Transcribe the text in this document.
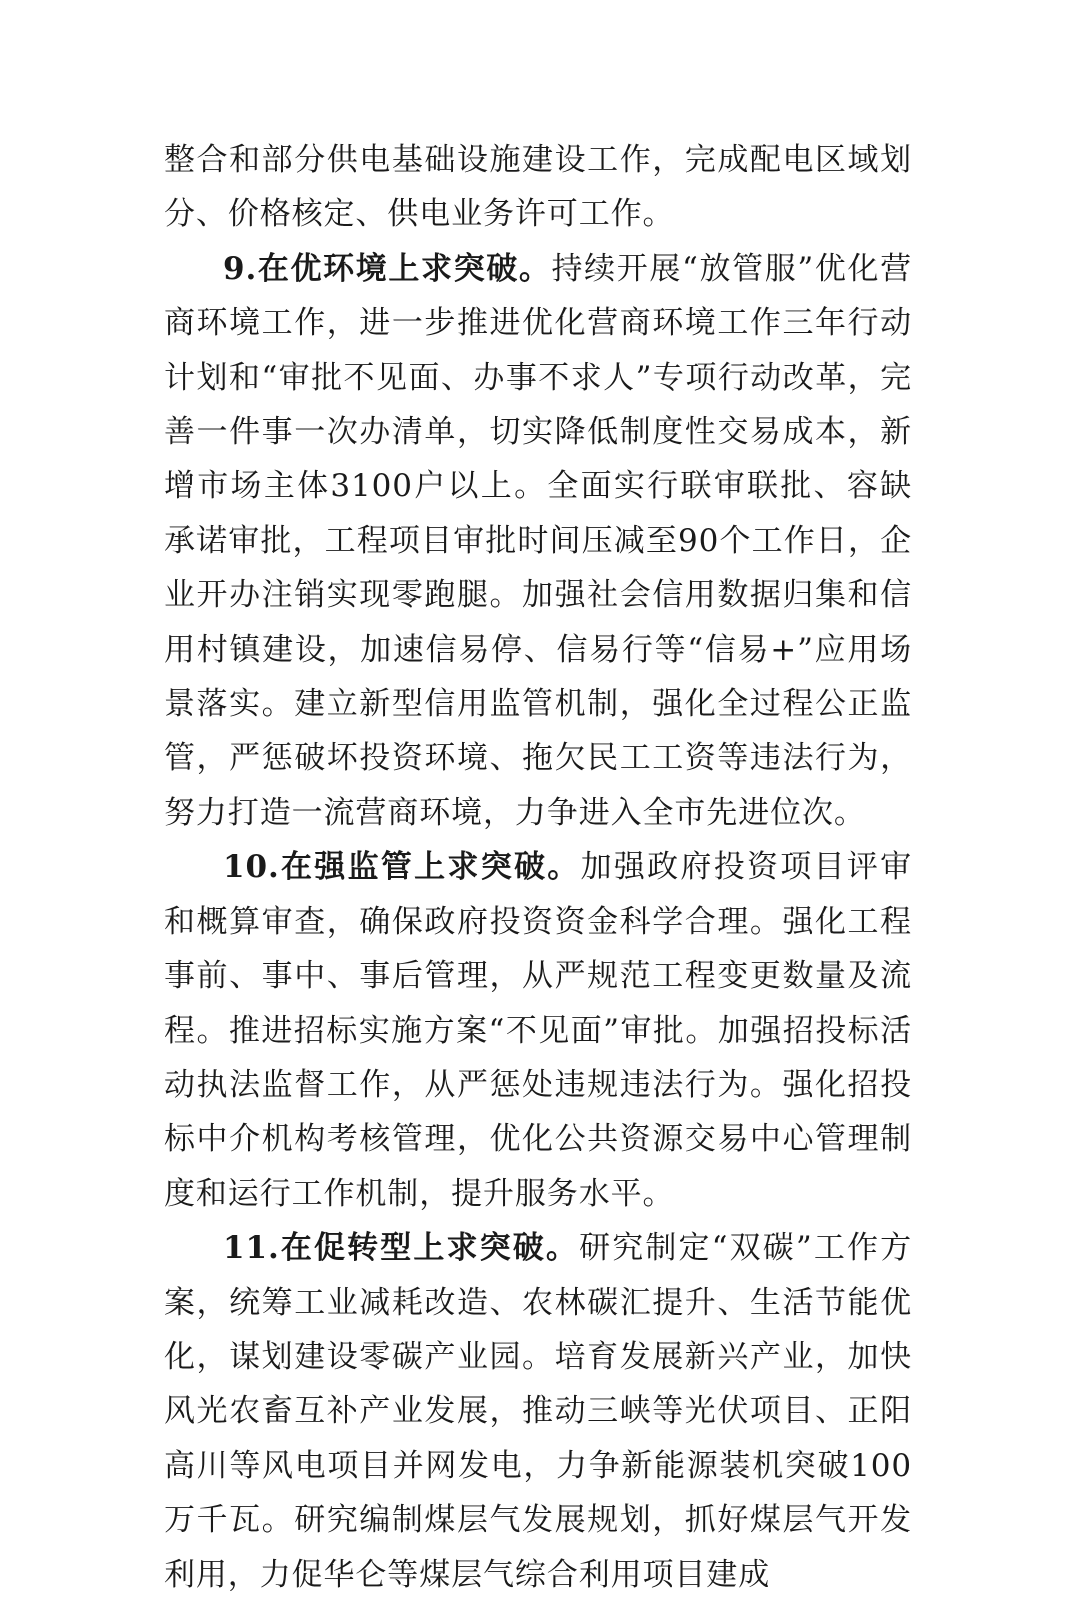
整合和部分供电基础设施建设工作，完成配电区域划分、价格核定、供电业务许可工作。

9.在优环境上求突破。持续开展“放管服”优化营商环境工作，进一步推进优化营商环境工作三年行动计划和“审批不见面、办事不求人”专项行动改革，完善一件事一次办清单，切实降低制度性交易成本，新增市场主体3100户以上。全面实行联审联批、容缺承诺审批，工程项目审批时间压减至90个工作日，企业开办注销实现零跑腿。加强社会信用数据归集和信用村镇建设，加速信易停、信易行等“信易+”应用场景落实。建立新型信用监管机制，强化全过程公正监管，严惩破坏投资环境、拖欠民工工资等违法行为，努力打造一流营商环境，力争进入全市先进位次。

10.在强监管上求突破。加强政府投资项目评审和概算审查，确保政府投资资金科学合理。强化工程事前、事中、事后管理，从严规范工程变更数量及流程。推进招标实施方案“不见面”审批。加强招投标活动执法监督工作，从严惩处违规违法行为。强化招投标中介机构考核管理，优化公共资源交易中心管理制度和运行工作机制，提升服务水平。

11.在促转型上求突破。研究制定“双碳”工作方案，统筹工业减耗改造、农林碳汇提升、生活节能优化，谋划建设零碳产业园。培育发展新兴产业，加快风光农畜互补产业发展，推动三峡等光伏项目、正阳高川等风电项目并网发电，力争新能源装机突破100万千瓦。研究编制煤层气发展规划，抓好煤层气开发利用，力促华仑等煤层气综合利用项目建成
